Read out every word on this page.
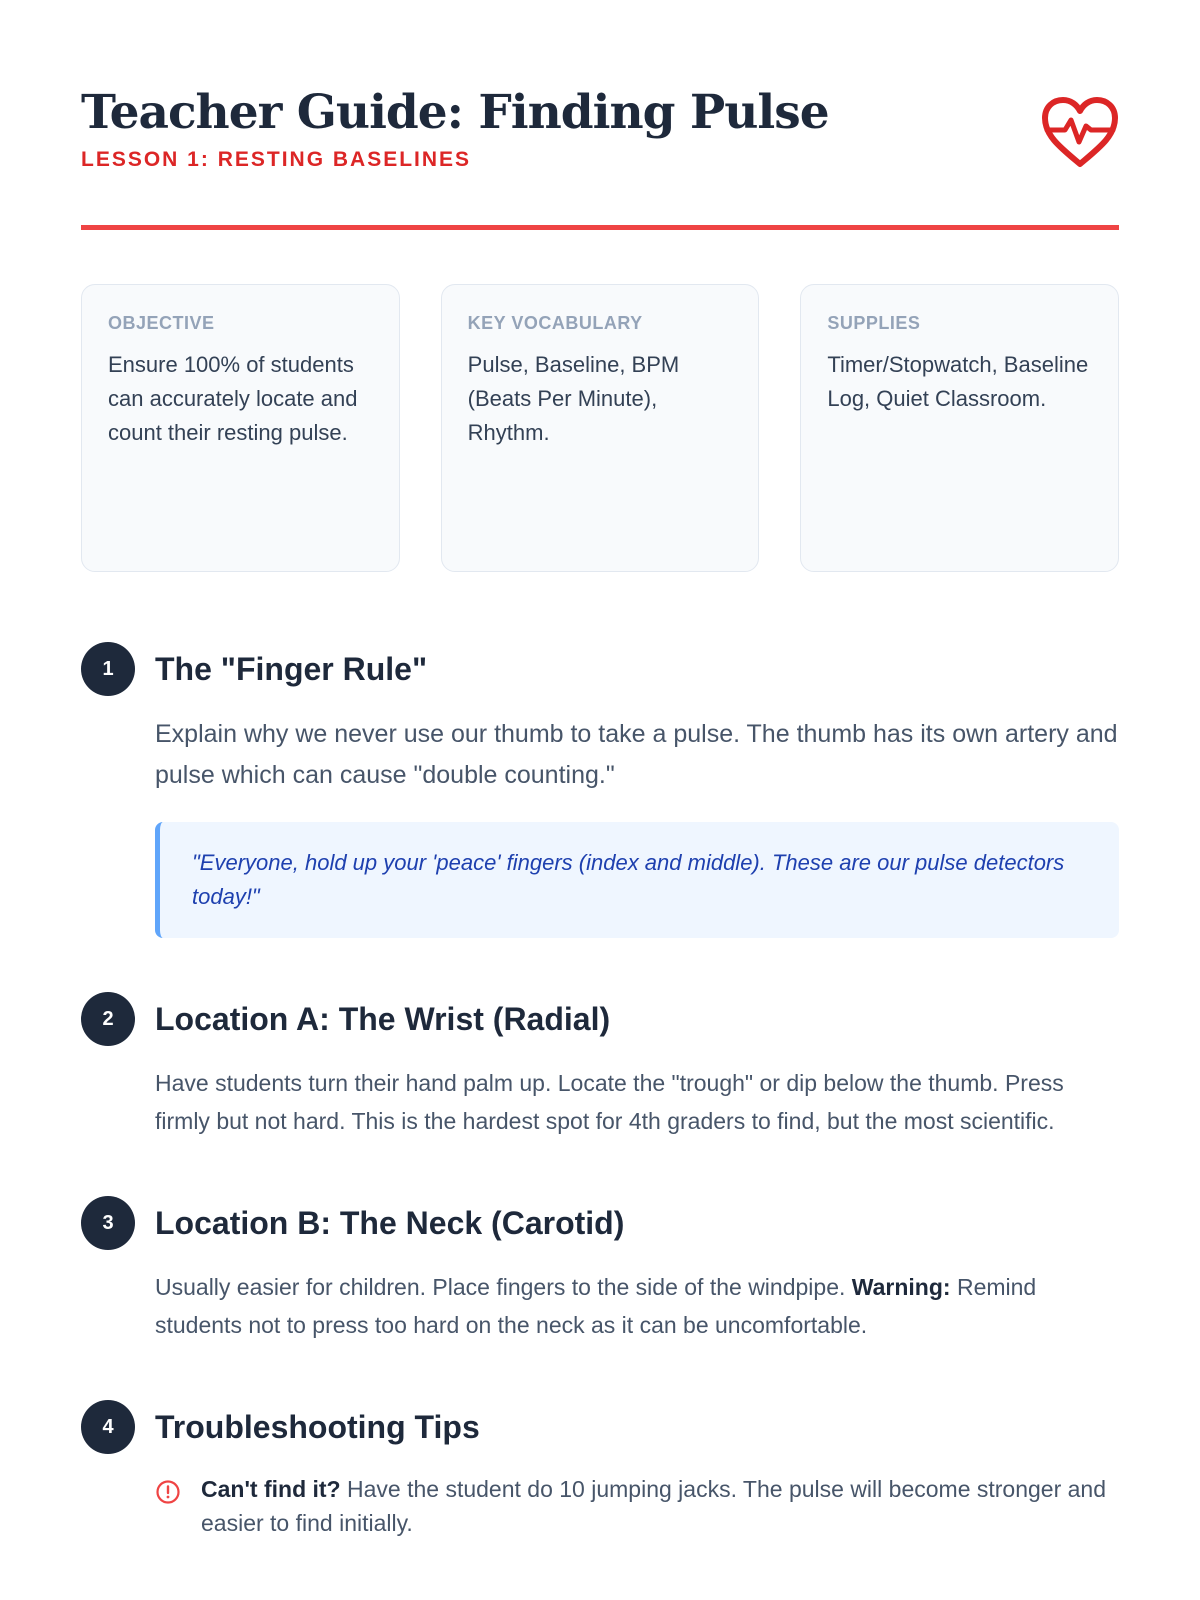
Teacher Guide: Finding Pulse
LESSON 1: RESTING BASELINES
OBJECTIVE
Ensure 100% of students can accurately locate and count their resting pulse.
KEY VOCABULARY
Pulse, Baseline, BPM (Beats Per Minute), Rhythm.
SUPPLIES
Timer/Stopwatch, Baseline Log, Quiet Classroom.
1	The "Finger Rule"

Explain why we never use our thumb to take a pulse. The thumb has its own artery and pulse which can cause "double counting."

"Everyone, hold up your 'peace' fingers (index and middle). These are our pulse detectors today!"
2	Location A: The Wrist (Radial)

Have students turn their hand palm up. Locate the "trough" or dip below the thumb. Press firmly but not hard. This is the hardest spot for 4th graders to find, but the most scientific.

3	Location B: The Neck (Carotid)

Usually easier for children. Place fingers to the side of the windpipe. Warning: Remind students not to press too hard on the neck as it can be uncomfortable.

4	Troubleshooting Tips
Can't find it? Have the student do 10 jumping jacks. The pulse will become stronger and easier to find initially.
